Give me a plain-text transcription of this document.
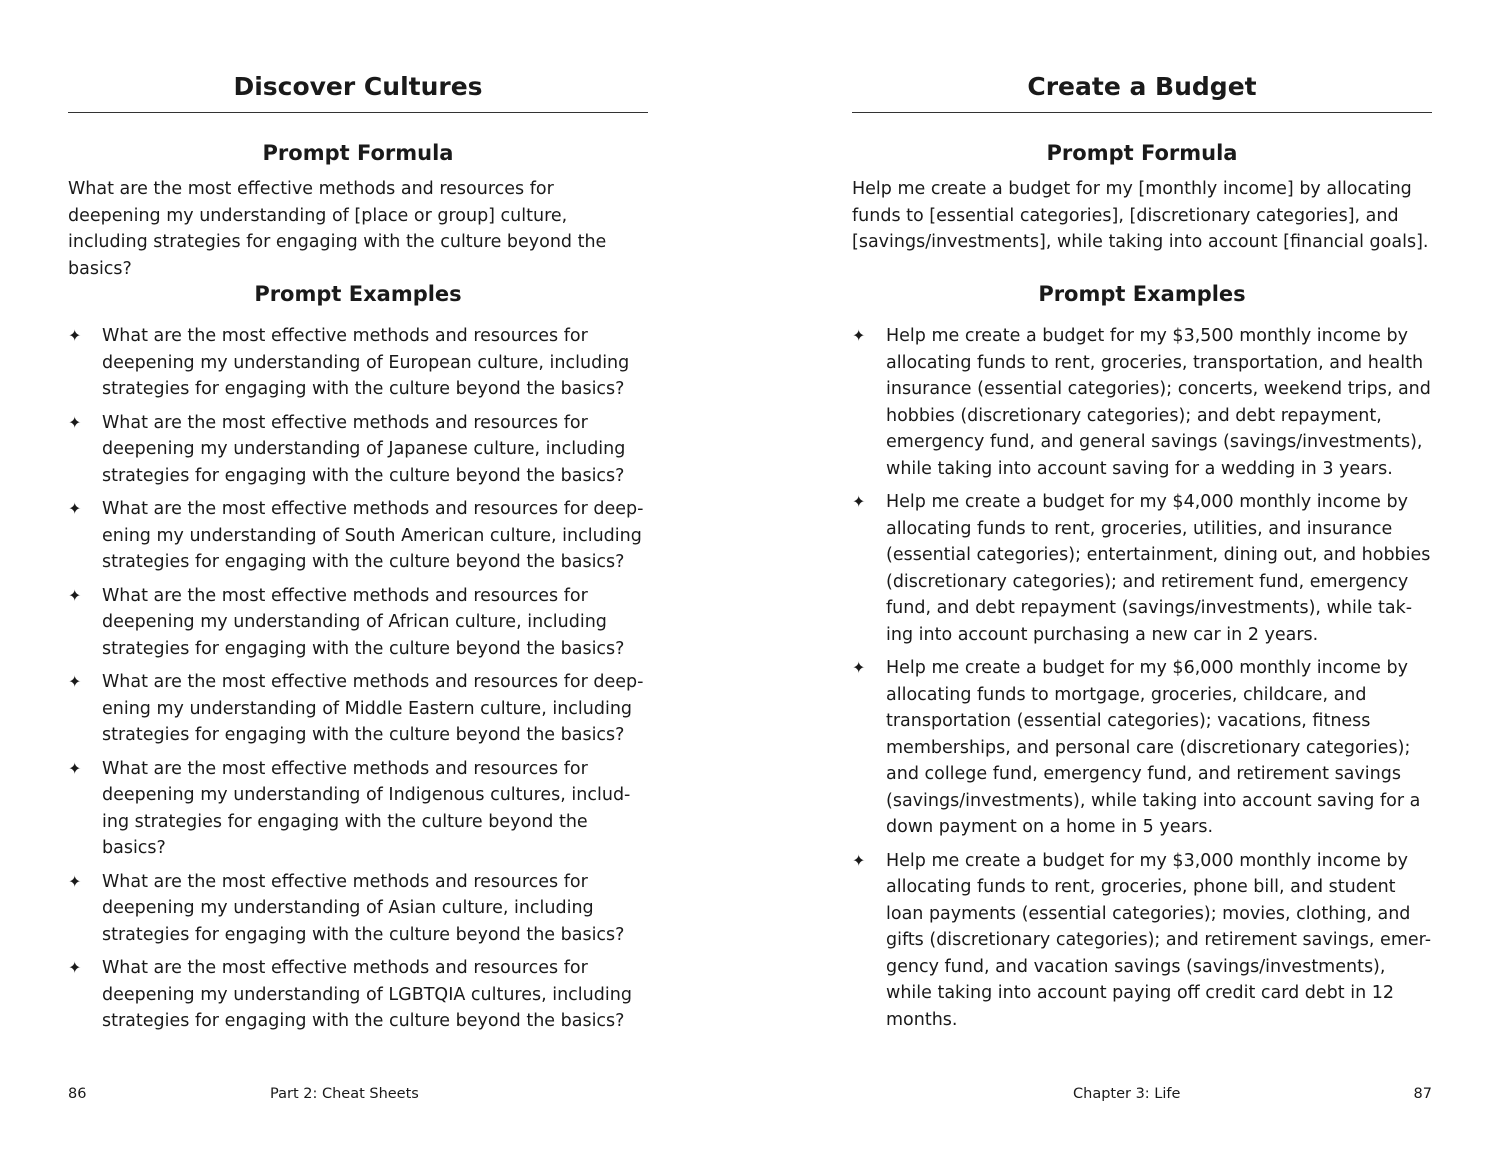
Discover Cultures
Prompt Formula

What are the most effective methods and resources for deepening my understanding of [place or group] culture, including strategies for engaging with the culture beyond the basics?

Prompt Examples
✦ What are the most effective methods and resources for deepening my understanding of European culture, including strategies for engaging with the culture beyond the basics?
✦ What are the most effective methods and resources for deepening my understanding of Japanese culture, including strategies for engaging with the culture beyond the basics?
✦ What are the most effective methods and resources for deep-ening my understanding of South American culture, including strategies for engaging with the culture beyond the basics?
✦ What are the most effective methods and resources for deepening my understanding of African culture, including strategies for engaging with the culture beyond the basics?
✦ What are the most effective methods and resources for deep-ening my understanding of Middle Eastern culture, including strategies for engaging with the culture beyond the basics?
✦ What are the most effective methods and resources for deepening my understanding of Indigenous cultures, includ-ing strategies for engaging with the culture beyond the basics?
✦ What are the most effective methods and resources for deepening my understanding of Asian culture, including strategies for engaging with the culture beyond the basics?
✦ What are the most effective methods and resources for deepening my understanding of LGBTQIA cultures, including strategies for engaging with the culture beyond the basics?
86	Part 2: Cheat Sheets
Create a Budget
Prompt Formula

Help me create a budget for my [monthly income] by allocating funds to [essential categories], [discretionary categories], and [savings/investments], while taking into account [financial goals].

Prompt Examples
✦ Help me create a budget for my $3,500 monthly income by allocating funds to rent, groceries, transportation, and health insurance (essential categories); concerts, weekend trips, and hobbies (discretionary categories); and debt repayment, emergency fund, and general savings (savings/investments), while taking into account saving for a wedding in 3 years.
✦ Help me create a budget for my $4,000 monthly income by allocating funds to rent, groceries, utilities, and insurance (essential categories); entertainment, dining out, and hobbies (discretionary categories); and retirement fund, emergency fund, and debt repayment (savings/investments), while tak-ing into account purchasing a new car in 2 years.
✦ Help me create a budget for my $6,000 monthly income by allocating funds to mortgage, groceries, childcare, and transportation (essential categories); vacations, fitness memberships, and personal care (discretionary categories); and college fund, emergency fund, and retirement savings (savings/investments), while taking into account saving for a down payment on a home in 5 years.
✦ Help me create a budget for my $3,000 monthly income by allocating funds to rent, groceries, phone bill, and student loan payments (essential categories); movies, clothing, and gifts (discretionary categories); and retirement savings, emer-gency fund, and vacation savings (savings/investments), while taking into account paying off credit card debt in 12 months.
Chapter 3: Life	87
